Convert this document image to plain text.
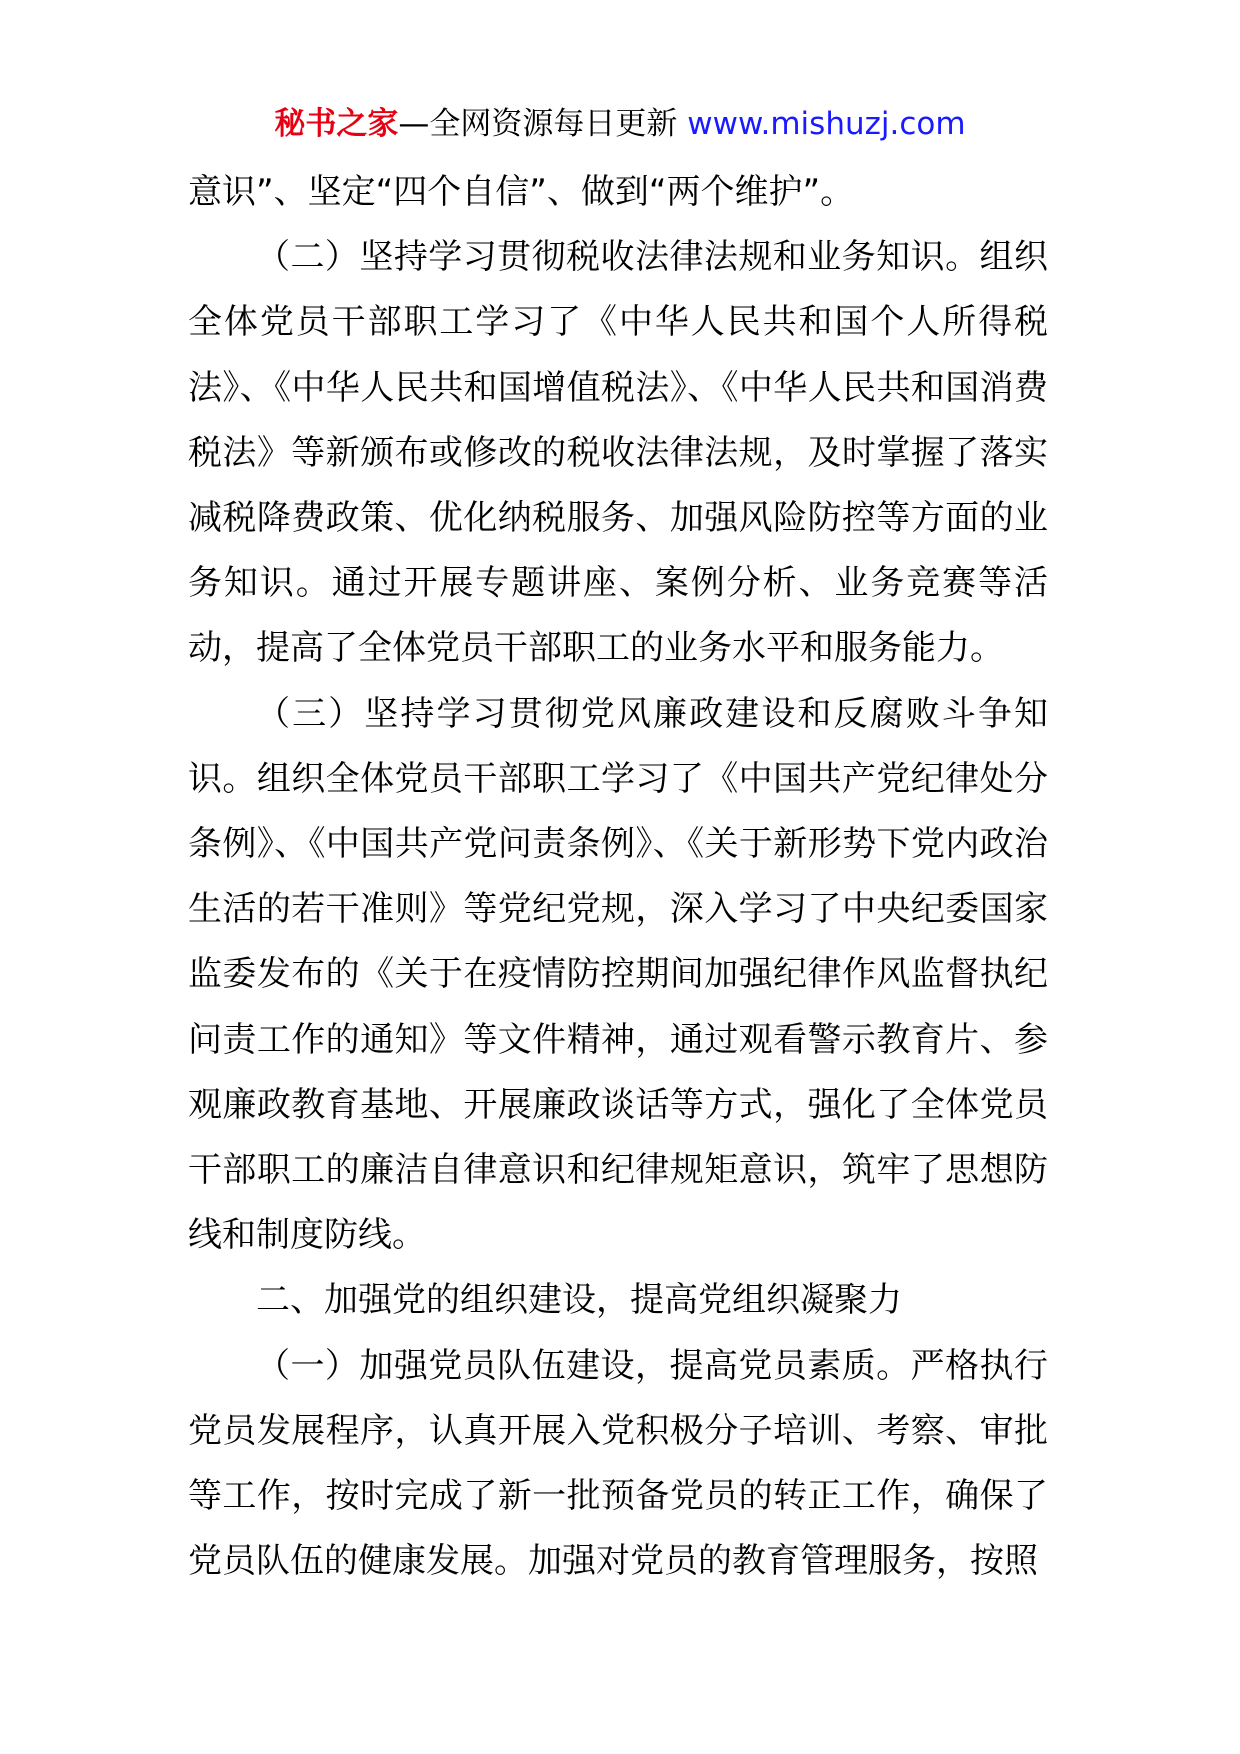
秘书之家—全网资源每日更新 www.mishuzj.com

意识”、坚定“四个自信”、做到“两个维护”。

（二）坚持学习贯彻税收法律法规和业务知识。组织全体党员干部职工学习了《中华人民共和国个人所得税法》、《中华人民共和国增值税法》、《中华人民共和国消费税法》等新颁布或修改的税收法律法规，及时掌握了落实减税降费政策、优化纳税服务、加强风险防控等方面的业务知识。通过开展专题讲座、案例分析、业务竞赛等活动，提高了全体党员干部职工的业务水平和服务能力。

（三）坚持学习贯彻党风廉政建设和反腐败斗争知识。组织全体党员干部职工学习了《中国共产党纪律处分条例》、《中国共产党问责条例》、《关于新形势下党内政治生活的若干准则》等党纪党规，深入学习了中央纪委国家监委发布的《关于在疫情防控期间加强纪律作风监督执纪问责工作的通知》等文件精神，通过观看警示教育片、参观廉政教育基地、开展廉政谈话等方式，强化了全体党员干部职工的廉洁自律意识和纪律规矩意识，筑牢了思想防线和制度防线。

二、加强党的组织建设，提高党组织凝聚力

（一）加强党员队伍建设，提高党员素质。严格执行党员发展程序，认真开展入党积极分子培训、考察、审批等工作，按时完成了新一批预备党员的转正工作，确保了党员队伍的健康发展。加强对党员的教育管理服务，按照
